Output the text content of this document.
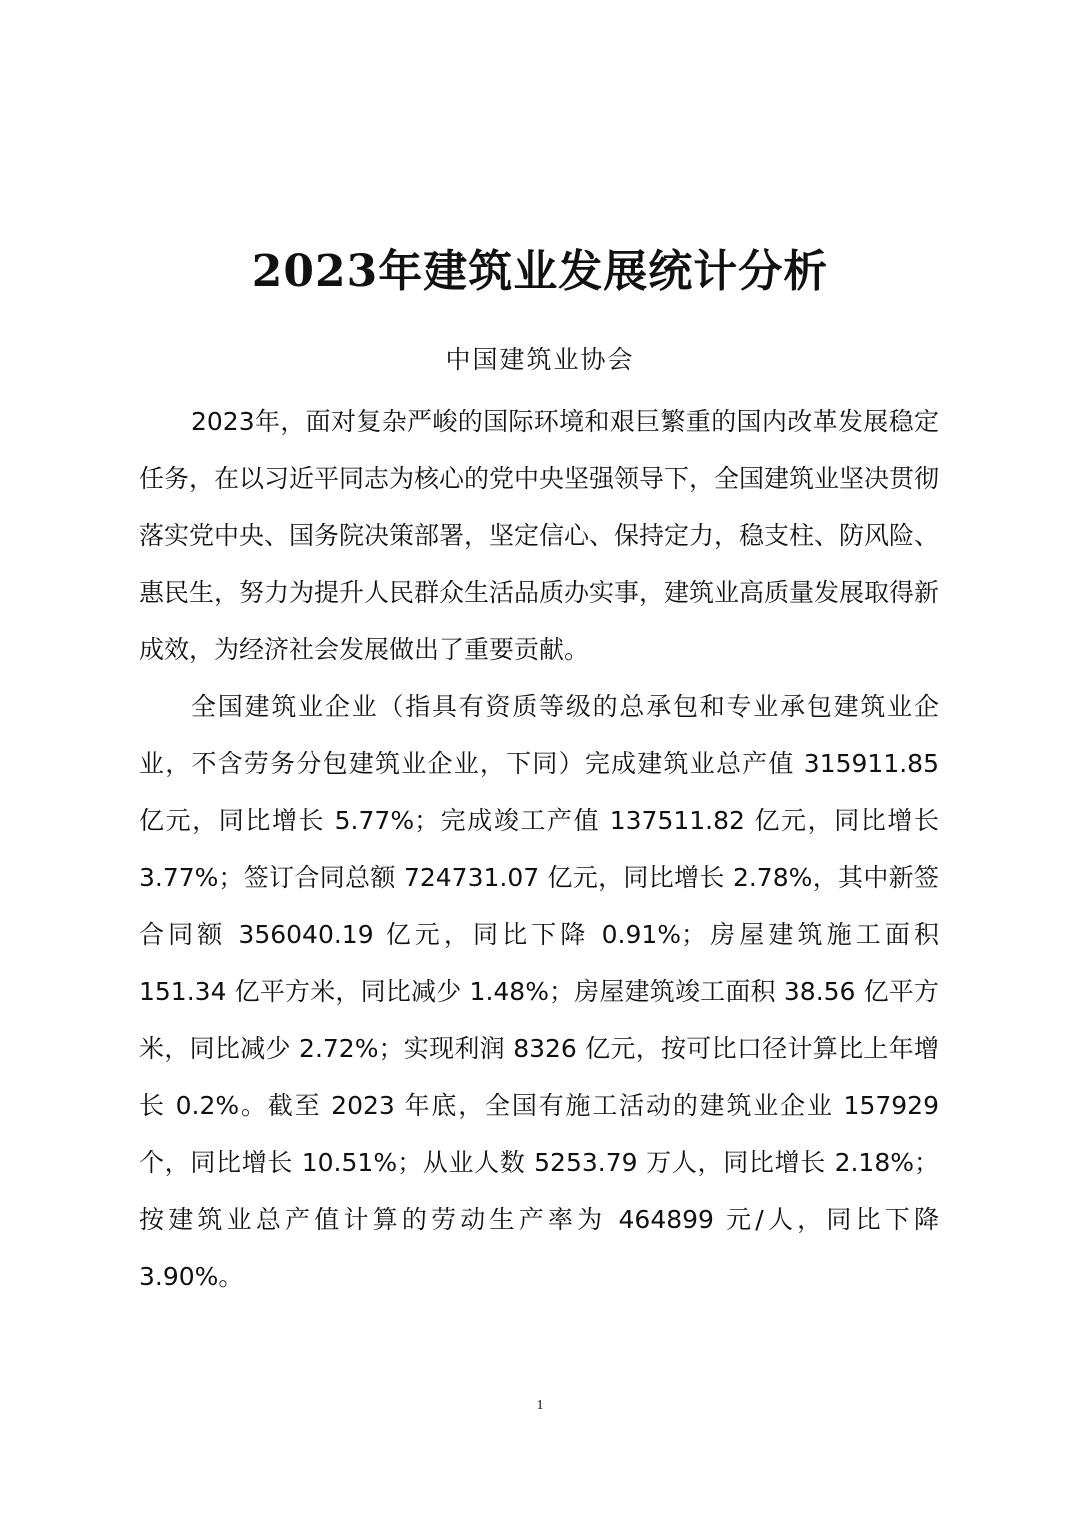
2023年建筑业发展统计分析
中国建筑业协会

2023年，面对复杂严峻的国际环境和艰巨繁重的国内改革发展稳定任务，在以习近平同志为核心的党中央坚强领导下，全国建筑业坚决贯彻落实党中央、国务院决策部署，坚定信心、保持定力，稳支柱、防风险、惠民生，努力为提升人民群众生活品质办实事，建筑业高质量发展取得新成效，为经济社会发展做出了重要贡献。

全国建筑业企业（指具有资质等级的总承包和专业承包建筑业企业，不含劳务分包建筑业企业，下同）完成建筑业总产值 315911.85 亿元，同比增长 5.77%；完成竣工产值 137511.82 亿元，同比增长 3.77%；签订合同总额 724731.07 亿元，同比增长 2.78%，其中新签合同额 356040.19 亿元，同比下降 0.91%；房屋建筑施工面积 151.34 亿平方米，同比减少 1.48%；房屋建筑竣工面积 38.56 亿平方米，同比减少 2.72%；实现利润 8326 亿元，按可比口径计算比上年增长 0.2%。截至 2023 年底，全国有施工活动的建筑业企业 157929 个，同比增长 10.51%；从业人数 5253.79 万人，同比增长 2.18%；按建筑业总产值计算的劳动生产率为 464899 元/人，同比下降 3.90%。

1
